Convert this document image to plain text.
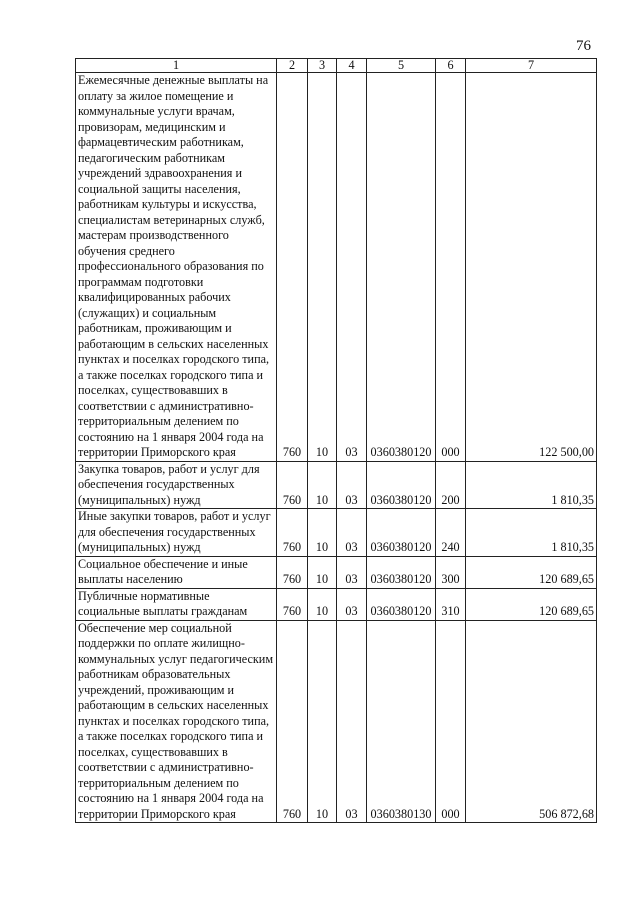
76
1	2	3	4	5	6	7
Ежемесячные денежные выплаты на оплату за жилое помещение и коммунальные услуги врачам, провизорам, медицинским и фармацевтическим работникам, педагогическим работникам учреждений здравоохранения и социальной защиты населения, работникам культуры и искусства, специалистам ветеринарных служб, мастерам производственного обучения среднего профессионального образования по программам подготовки квалифицированных рабочих (служащих) и социальным работникам, проживающим и работающим в сельских населенных пунктах и поселках городского типа, а также поселках городского типа и поселках, существовавших в соответствии с административно-территориальным делением по состоянию на 1 января 2004 года на территории Приморского края	760	10	03	0360380120	000	122 500,00
Закупка товаров, работ и услуг для обеспечения государственных (муниципальных) нужд	760	10	03	0360380120	200	1 810,35
Иные закупки товаров, работ и услуг для обеспечения государственных (муниципальных) нужд	760	10	03	0360380120	240	1 810,35
Социальное обеспечение и иные выплаты населению	760	10	03	0360380120	300	120 689,65
Публичные нормативные социальные выплаты гражданам	760	10	03	0360380120	310	120 689,65
Обеспечение мер социальной поддержки по оплате жилищно-коммунальных услуг педагогическим работникам образовательных учреждений, проживающим и работающим в сельских населенных пунктах и поселках городского типа, а также поселках городского типа и поселках, существовавших в соответствии с административно-территориальным делением по состоянию на 1 января 2004 года на территории Приморского края	760	10	03	0360380130	000	506 872,68
